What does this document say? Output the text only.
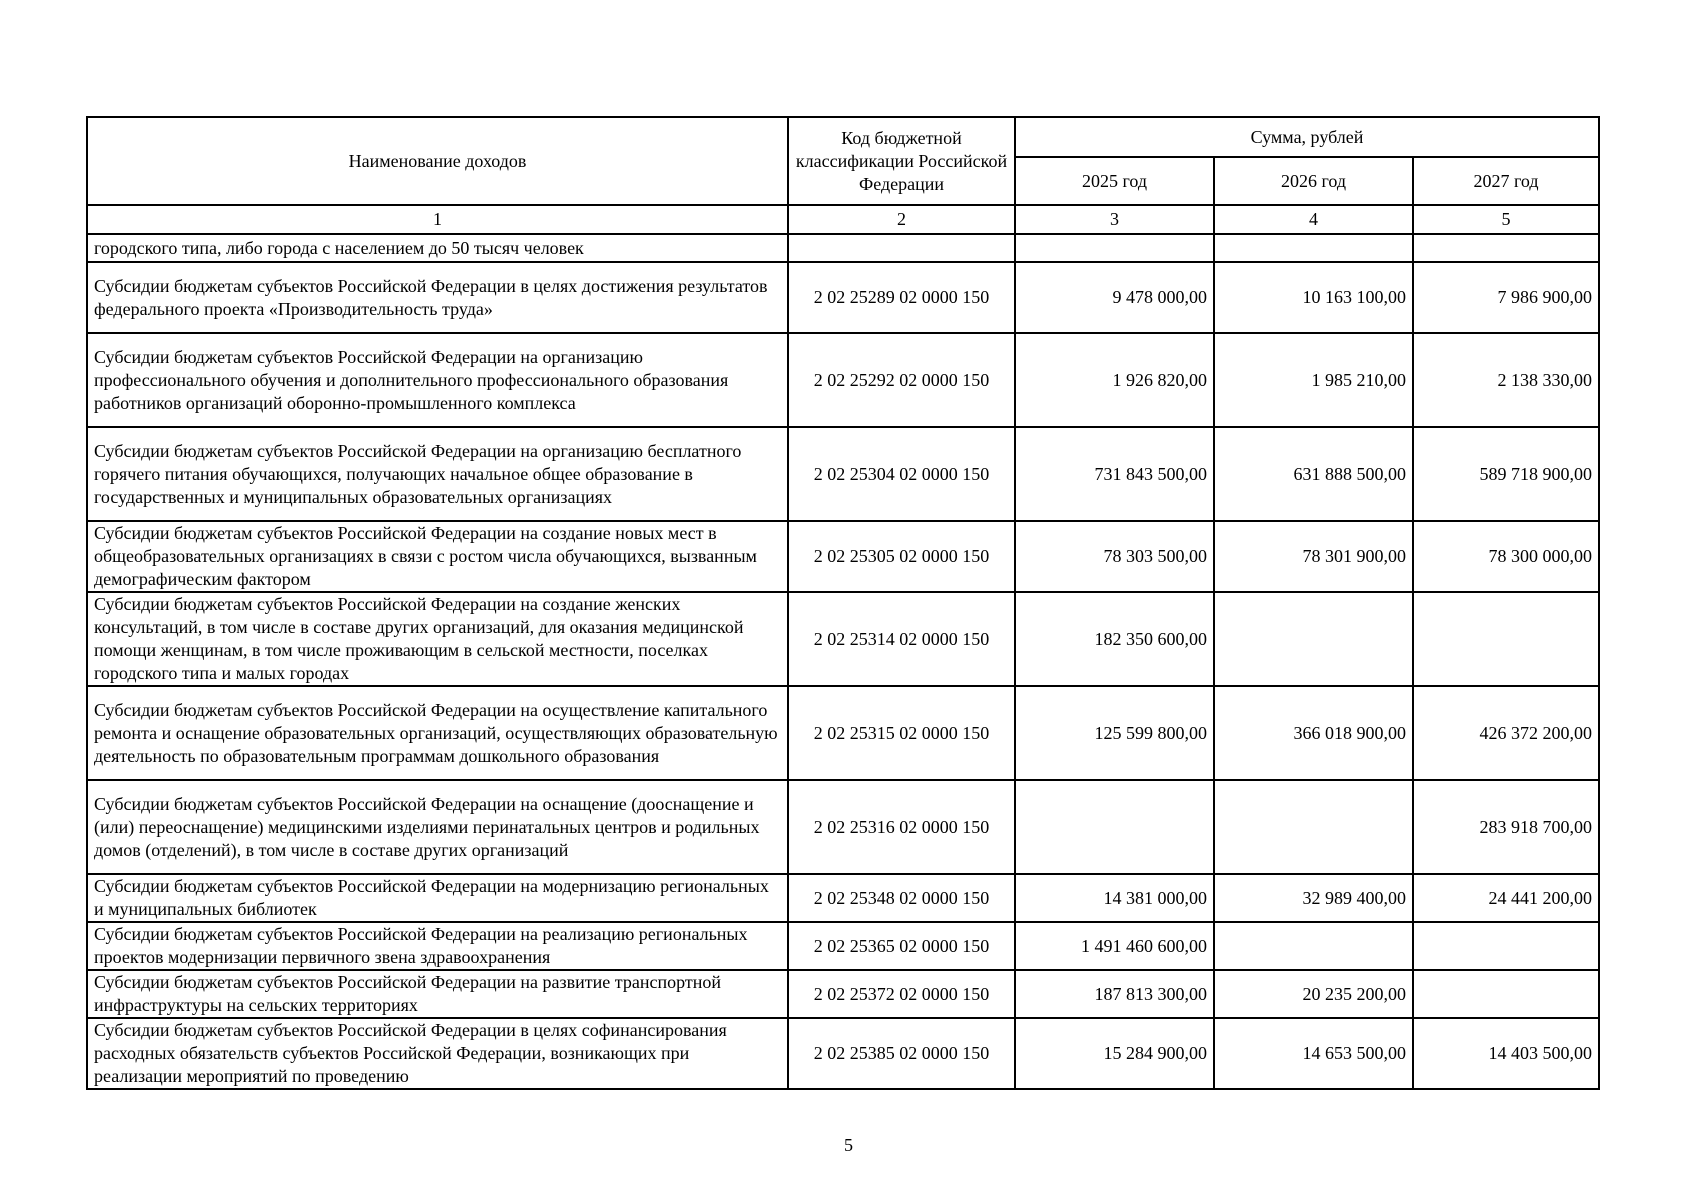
Наименование доходов	Код бюджетной классификации Российской Федерации	Сумма, рублей		
		2025 год	2026 год	2027 год
1	2	3	4	5
городского типа, либо города с населением до 50 тысяч человек				
Субсидии бюджетам субъектов Российской Федерации в целях достижения результатов федерального проекта «Производительность труда»	2 02 25289 02 0000 150	9 478 000,00	10 163 100,00	7 986 900,00
Субсидии бюджетам субъектов Российской Федерации на организацию профессионального обучения и дополнительного профессионального образования работников организаций оборонно-промышленного комплекса	2 02 25292 02 0000 150	1 926 820,00	1 985 210,00	2 138 330,00
Субсидии бюджетам субъектов Российской Федерации на организацию бесплатного горячего питания обучающихся, получающих начальное общее образование в государственных и муниципальных образовательных организациях	2 02 25304 02 0000 150	731 843 500,00	631 888 500,00	589 718 900,00
Субсидии бюджетам субъектов Российской Федерации на создание новых мест в общеобразовательных организациях в связи с ростом числа обучающихся, вызванным демографическим фактором	2 02 25305 02 0000 150	78 303 500,00	78 301 900,00	78 300 000,00
Субсидии бюджетам субъектов Российской Федерации на создание женских консультаций, в том числе в составе других организаций, для оказания медицинской помощи женщинам, в том числе проживающим в сельской местности, поселках городского типа и малых городах	2 02 25314 02 0000 150	182 350 600,00		
Субсидии бюджетам субъектов Российской Федерации на осуществление капитального ремонта и оснащение образовательных организаций, осуществляющих образовательную деятельность по образовательным программам дошкольного образования	2 02 25315 02 0000 150	125 599 800,00	366 018 900,00	426 372 200,00
Субсидии бюджетам субъектов Российской Федерации на оснащение (дооснащение и (или) переоснащение) медицинскими изделиями перинатальных центров и родильных домов (отделений), в том числе в составе других организаций	2 02 25316 02 0000 150			283 918 700,00
Субсидии бюджетам субъектов Российской Федерации на модернизацию региональных и муниципальных библиотек	2 02 25348 02 0000 150	14 381 000,00	32 989 400,00	24 441 200,00
Субсидии бюджетам субъектов Российской Федерации на реализацию региональных проектов модернизации первичного звена здравоохранения	2 02 25365 02 0000 150	1 491 460 600,00		
Субсидии бюджетам субъектов Российской Федерации на развитие транспортной инфраструктуры на сельских территориях	2 02 25372 02 0000 150	187 813 300,00	20 235 200,00	
Субсидии бюджетам субъектов Российской Федерации в целях софинансирования расходных обязательств субъектов Российской Федерации, возникающих при реализации мероприятий по проведению	2 02 25385 02 0000 150	15 284 900,00	14 653 500,00	14 403 500,00
5
